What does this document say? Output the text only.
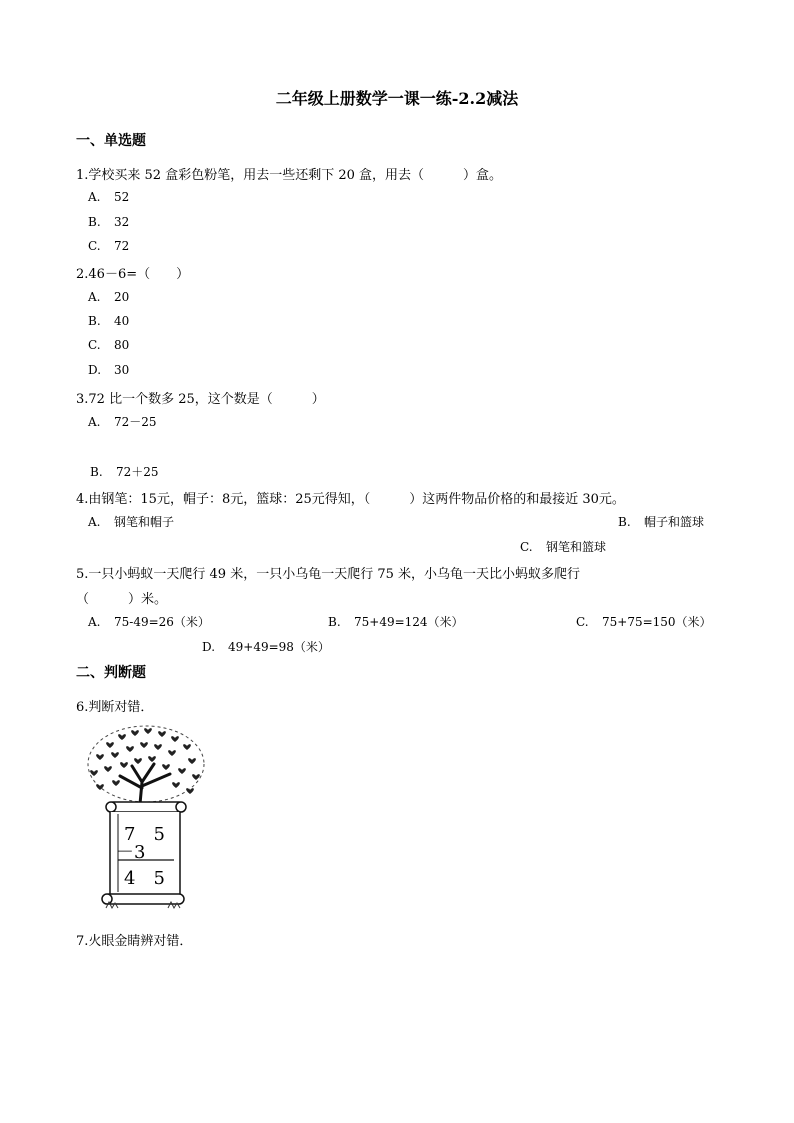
二年级上册数学一课一练-2.2减法
一、单选题
1.学校买来 52 盒彩色粉笔，用去一些还剩下 20 盒，用去（　　　）盒。
A. 52
B. 32
C. 72
2.46－6=（　　）
A. 20
B. 40
C. 80
D. 30
3.72 比一个数多 25，这个数是（　　　）
A. 72－25
B. 72＋25
4.由钢笔：15元，帽子：8元，篮球：25元得知，（　　　）这两件物品价格的和最接近 30元。
A. 钢笔和帽子	B. 帽子和篮球
C. 钢笔和篮球
5.一只小蚂蚁一天爬行 49 米，一只小乌龟一天爬行 75 米，小乌龟一天比小蚂蚁多爬行
（　　　）米。
A. 75-49=26（米）	B. 75+49=124（米）	C. 75+75=150（米）
D. 49+49=98（米）
二、判断题
6.判断对错．
7　5
－3
4　5
7.火眼金睛辨对错．
